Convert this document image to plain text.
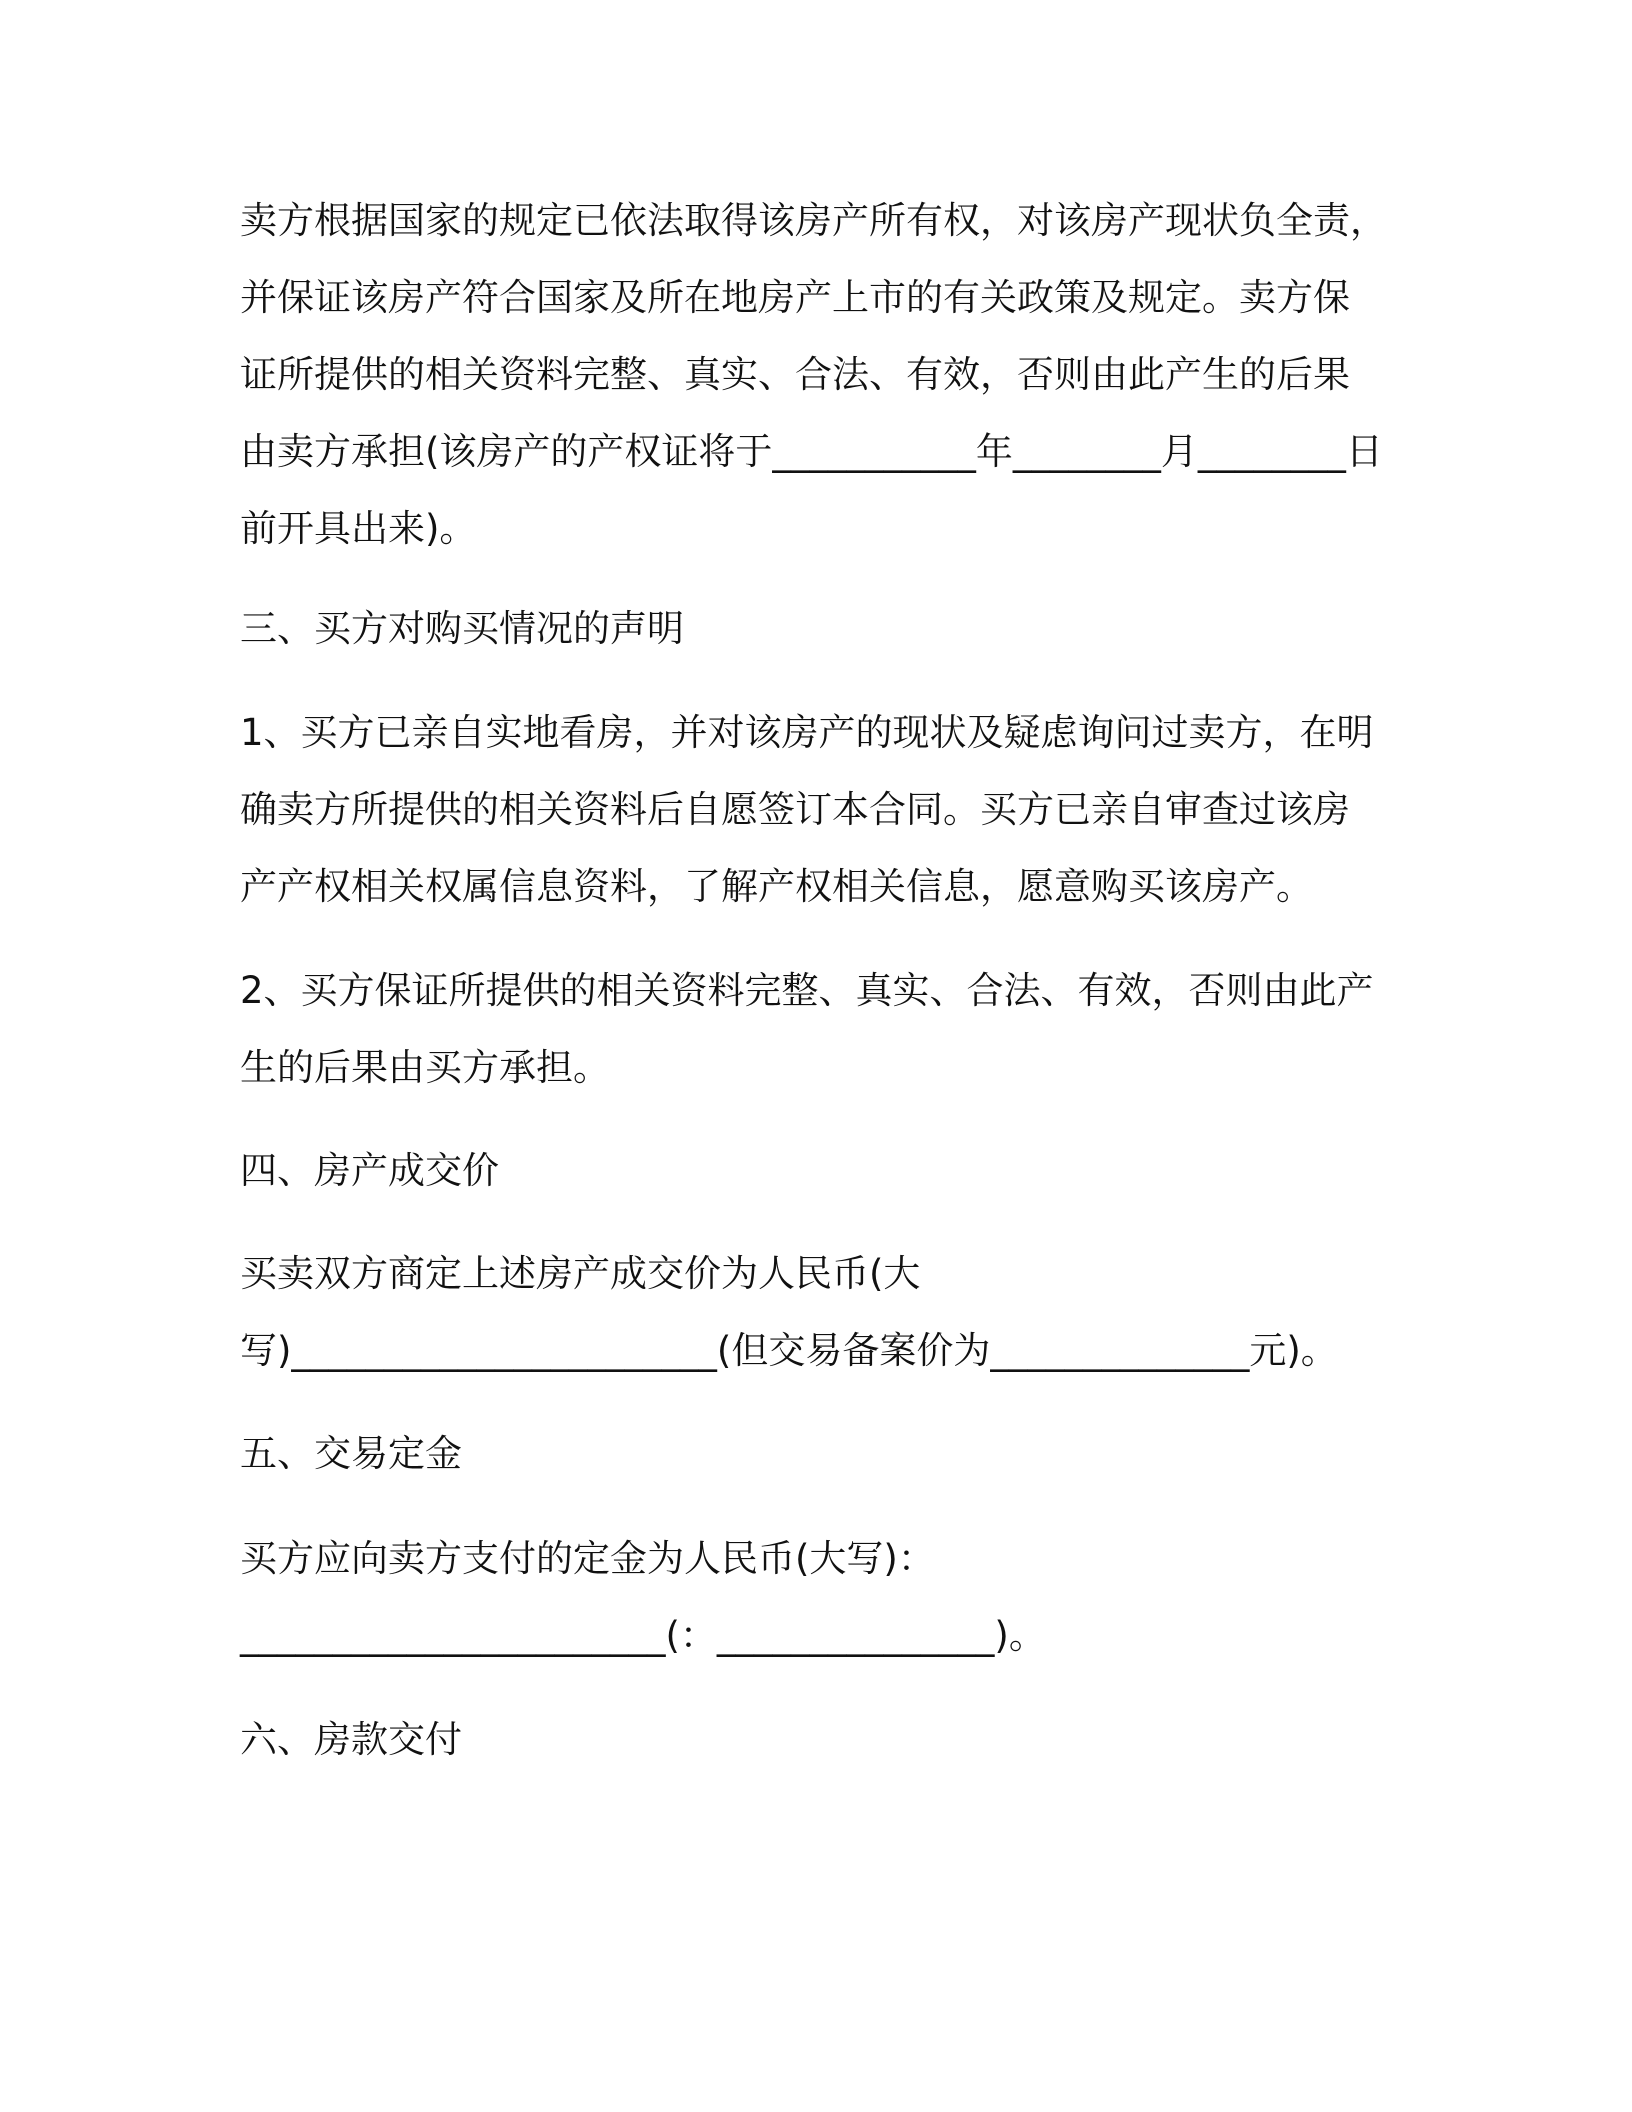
卖方根据国家的规定已依法取得该房产所有权，对该房产现状负全责，
并保证该房产符合国家及所在地房产上市的有关政策及规定。卖方保
证所提供的相关资料完整、真实、合法、有效，否则由此产生的后果
由卖方承担(该房产的产权证将于___________年________月________日
前开具出来)。
三、买方对购买情况的声明
1、买方已亲自实地看房，并对该房产的现状及疑虑询问过卖方，在明
确卖方所提供的相关资料后自愿签订本合同。买方已亲自审查过该房
产产权相关权属信息资料，了解产权相关信息，愿意购买该房产。
2、买方保证所提供的相关资料完整、真实、合法、有效，否则由此产
生的后果由买方承担。
四、房产成交价
买卖双方商定上述房产成交价为人民币(大
写)_______________________(但交易备案价为______________元)。
五、交易定金
买方应向卖方支付的定金为人民币(大写)：
_______________________(：_______________)。
六、房款交付
